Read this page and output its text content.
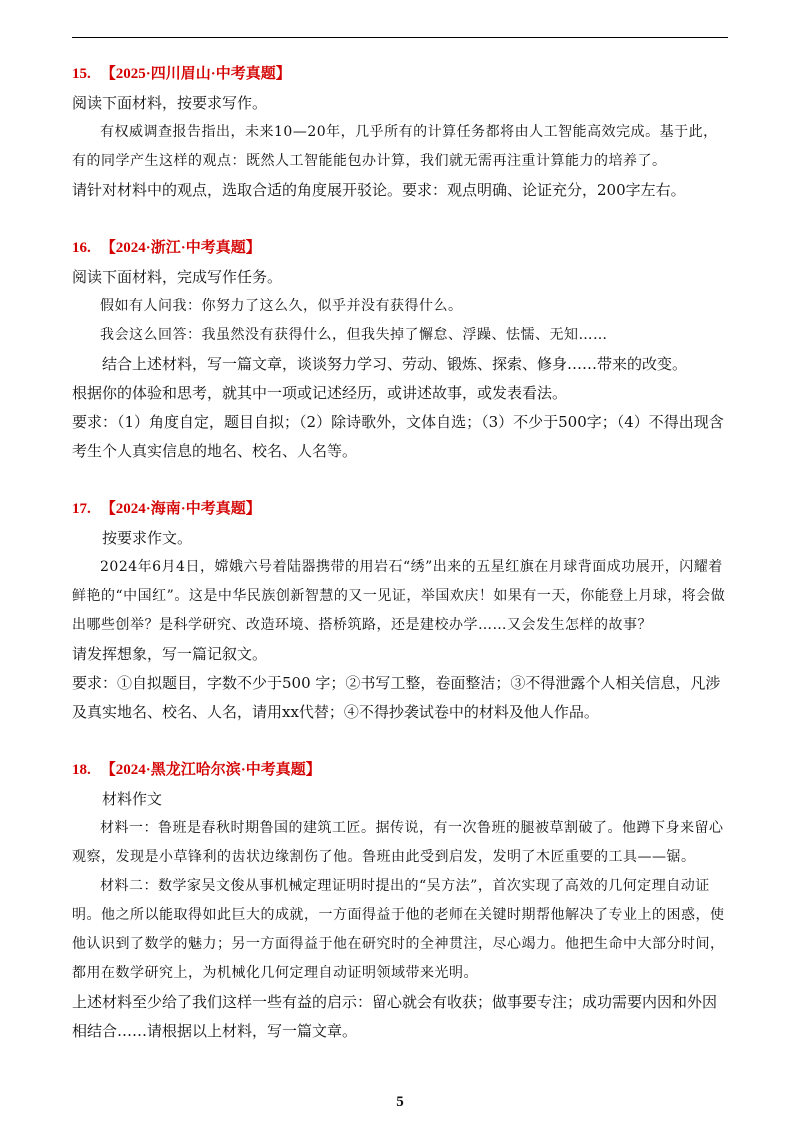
15. 【2025·四川眉山·中考真题】

阅读下面材料，按要求写作。

有权威调查报告指出，未来10—20年，几乎所有的计算任务都将由人工智能高效完成。基于此，有的同学产生这样的观点：既然人工智能能包办计算，我们就无需再注重计算能力的培养了。

请针对材料中的观点，选取合适的角度展开驳论。要求：观点明确、论证充分，200字左右。

16. 【2024·浙江·中考真题】

阅读下面材料，完成写作任务。

假如有人问我：你努力了这么久，似乎并没有获得什么。

我会这么回答：我虽然没有获得什么，但我失掉了懈怠、浮躁、怯懦、无知……

结合上述材料，写一篇文章，谈谈努力学习、劳动、锻炼、探索、修身……带来的改变。

根据你的体验和思考，就其中一项或记述经历，或讲述故事，或发表看法。

要求：（1）角度自定，题目自拟；（2）除诗歌外，文体自选；（3）不少于500字；（4）不得出现含考生个人真实信息的地名、校名、人名等。

17. 【2024·海南·中考真题】

按要求作文。

2024年6月4日，嫦娥六号着陆器携带的用岩石“绣”出来的五星红旗在月球背面成功展开，闪耀着鲜艳的“中国红”。这是中华民族创新智慧的又一见证，举国欢庆！如果有一天，你能登上月球，将会做出哪些创举？是科学研究、改造环境、搭桥筑路，还是建校办学……又会发生怎样的故事？

请发挥想象，写一篇记叙文。

要求：①自拟题目，字数不少于500 字；②书写工整，卷面整洁；③不得泄露个人相关信息，凡涉及真实地名、校名、人名，请用xx代替；④不得抄袭试卷中的材料及他人作品。

18. 【2024·黑龙江哈尔滨·中考真题】

材料作文

材料一：鲁班是春秋时期鲁国的建筑工匠。据传说，有一次鲁班的腿被草割破了。他蹲下身来留心观察，发现是小草锋利的齿状边缘割伤了他。鲁班由此受到启发，发明了木匠重要的工具——锯。

材料二：数学家吴文俊从事机械定理证明时提出的“吴方法”，首次实现了高效的几何定理自动证明。他之所以能取得如此巨大的成就，一方面得益于他的老师在关键时期帮他解决了专业上的困惑，使他认识到了数学的魅力；另一方面得益于他在研究时的全神贯注，尽心竭力。他把生命中大部分时间，都用在数学研究上，为机械化几何定理自动证明领域带来光明。

上述材料至少给了我们这样一些有益的启示：留心就会有收获；做事要专注；成功需要内因和外因相结合……请根据以上材料，写一篇文章。

5
